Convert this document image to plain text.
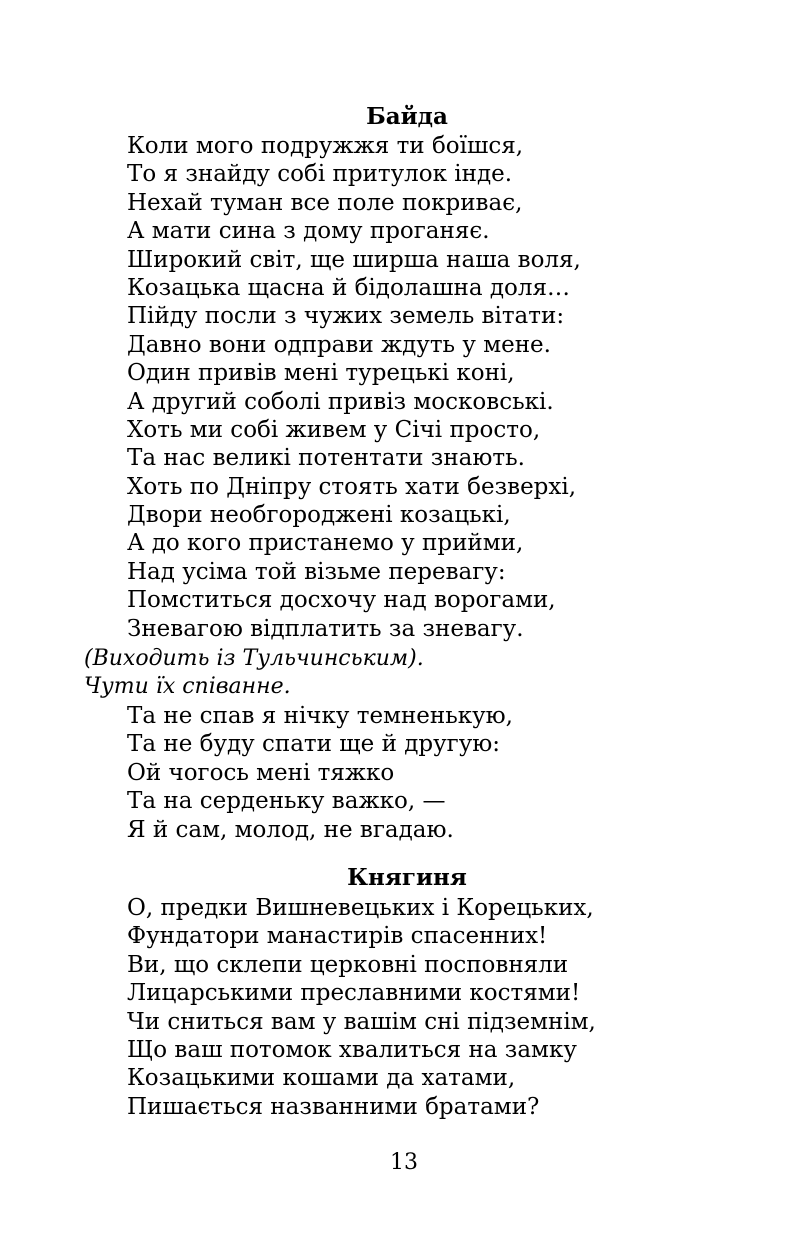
Байда
Коли мого подружжя ти боїшся,
То я знайду собі притулок інде.
Нехай туман все поле покриває,
А мати сина з дому проганяє.
Широкий світ, ще ширша наша воля,
Козацька щасна й бідолашна доля…
Пійду посли з чужих земель вітати:
Давно вони одправи ждуть у мене.
Один привів мені турецькі коні,
А другий соболі привіз московські.
Хоть ми собі живем у Січі просто,
Та нас великі потентати знають.
Хоть по Дніпру стоять хати безверхі,
Двори необгороджені козацькі,
А до кого пристанемо у прийми,
Над усіма той візьме перевагу:
Помститься досхочу над ворогами,
Зневагою відплатить за зневагу.
(Виходить із Тульчинським).
Чути їх співанне.
Та не спав я нічку темненькую,
Та не буду спати ще й другую:
Ой чогось мені тяжко
Та на серденьку важко, —
Я й сам, молод, не вгадаю.
Княгиня
О, предки Вишневецьких і Корецьких,
Фундатори манастирів спасенних!
Ви, що склепи церковні посповняли
Лицарськими преславними костями!
Чи сниться вам у вашім сні підземнім,
Що ваш потомок хвалиться на замку
Козацькими кошами да хатами,
Пишається названними братами?
13
